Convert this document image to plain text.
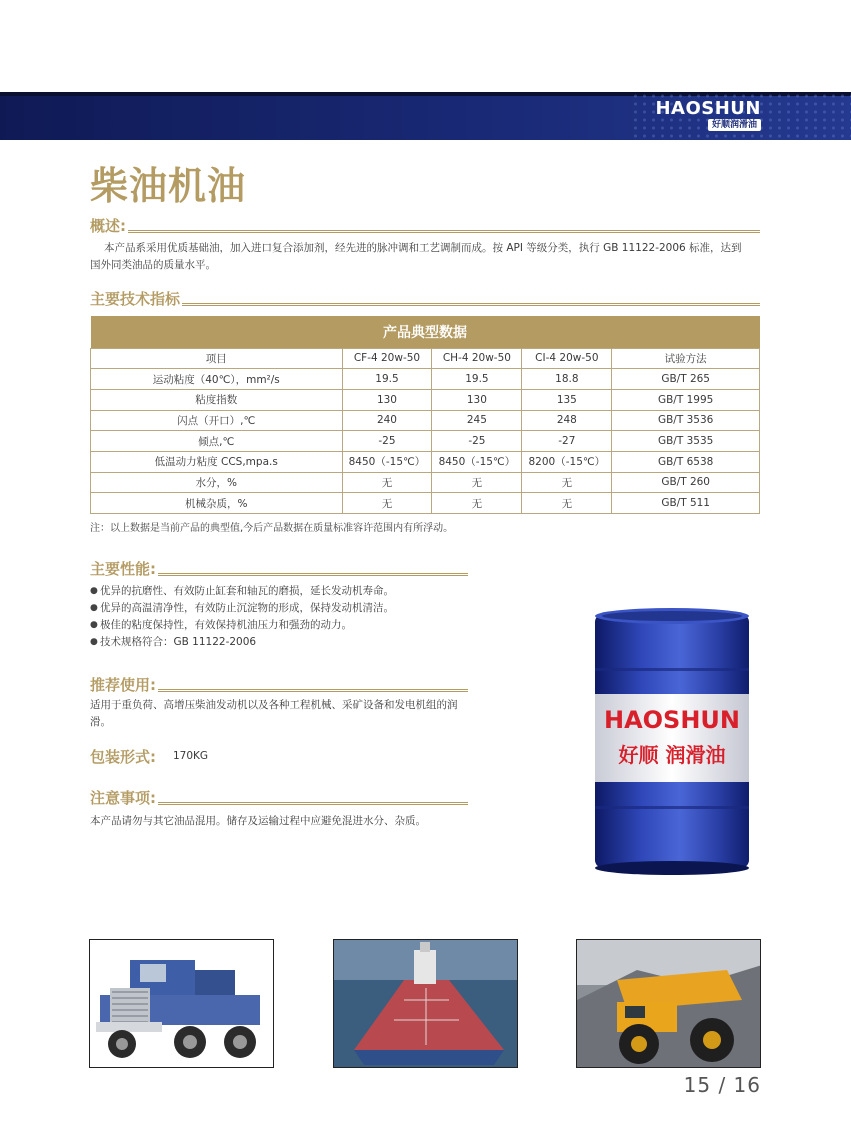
HAOSHUN
好顺润滑油
柴油机油
概述:
本产品系采用优质基础油，加入进口复合添加剂，经先进的脉冲调和工艺调制而成。按 API 等级分类，执行 GB 11122-2006 标准，达到国外同类油品的质量水平。
主要技术指标
产品典型数据				
项目	CF-4 20w-50	CH-4 20w-50	CI-4 20w-50	试验方法
运动粘度（40℃），mm²/s	19.5	19.5	18.8	GB/T 265
粘度指数	130	130	135	GB/T 1995
闪点（开口）,℃	240	245	248	GB/T 3536
倾点,℃	-25	-25	-27	GB/T 3535
低温动力粘度 CCS,mpa.s	8450（-15℃）	8450（-15℃）	8200（-15℃）	GB/T 6538
水分，%	无	无	无	GB/T 260
机械杂质，%	无	无	无	GB/T 511
注：以上数据是当前产品的典型值,今后产品数据在质量标准容许范围内有所浮动。
主要性能:
● 优异的抗磨性、有效防止缸套和轴瓦的磨损，延长发动机寿命。
● 优异的高温清净性，有效防止沉淀物的形成，保持发动机清洁。
● 极佳的粘度保持性，有效保持机油压力和强劲的动力。
● 技术规格符合：GB 11122-2006
推荐使用:
适用于重负荷、高增压柴油发动机以及各种工程机械、采矿设备和发电机组的润滑。
包装形式: 170KG
注意事项:
本产品请勿与其它油品混用。储存及运输过程中应避免混进水分、杂质。
HAOSHUN
好顺 润滑油
15 / 16
